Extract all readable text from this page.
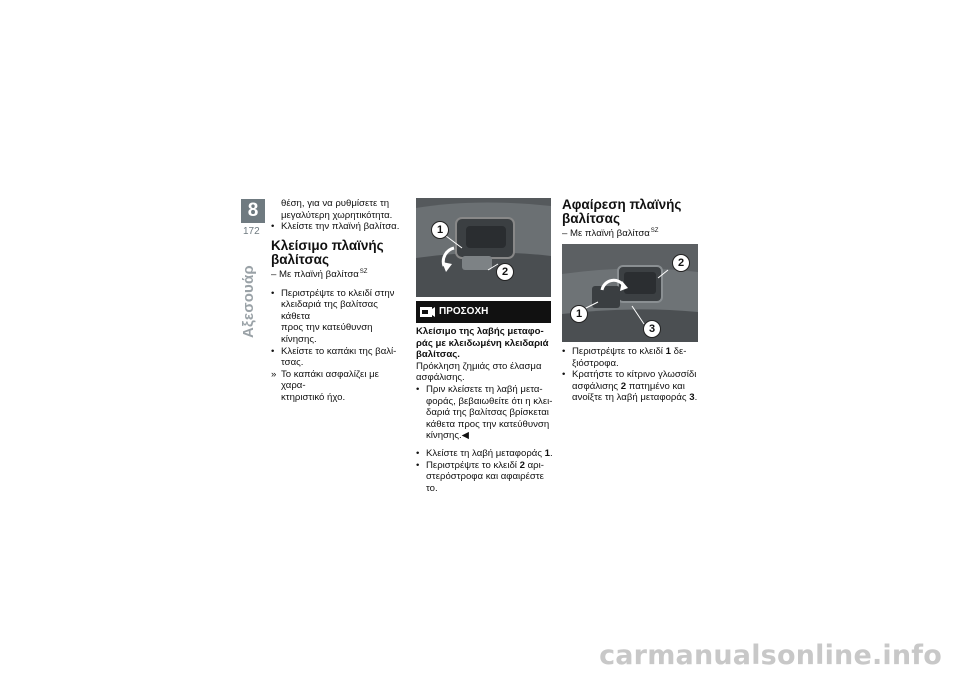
8
172
Αξεσουάρ

θέση, για να ρυθμίσετε τη

μεγαλύτερη χωρητικότητα.

• Κλείστε την πλαϊνή βαλίτσα.

Κλείσιμο πλαϊνής

βαλίτσας

– Με πλαϊνή βαλίτσα$^{SZ}$

• Περιστρέψτε το κλειδί στην
κλειδαριά της βαλίτσας κάθετα
προς την κατεύθυνση κίνησης.
• Κλείστε το καπάκι της βαλί-
τσας.
» Το καπάκι ασφαλίζει με χαρα-
κτηριστικό ήχο.
1
2
ΠΡΟΣΟΧΗ

Κλείσιμο της λαβής μεταφο-

ράς με κλειδωμένη κλειδαριά

βαλίτσας.

Πρόκληση ζημιάς στο έλασμα

ασφάλισης.

• Πριν κλείσετε τη λαβή μετα-
φοράς, βεβαιωθείτε ότι η κλει-
δαριά της βαλίτσας βρίσκεται
κάθετα προς την κατεύθυνση
κίνησης.◀
• Κλείστε τη λαβή μεταφοράς 1.
• Περιστρέψτε το κλειδί 2 αρι-
στερόστροφα και αφαιρέστε το.

Αφαίρεση πλαϊνής

βαλίτσας

– Με πλαϊνή βαλίτσα$^{SZ}$

1
2
3
• Περιστρέψτε το κλειδί 1 δε-
ξιόστροφα.
• Κρατήστε το κίτρινο γλωσσίδι
ασφάλισης 2 πατημένο και
ανοίξτε τη λαβή μεταφοράς 3.
carmanualsonline.info
